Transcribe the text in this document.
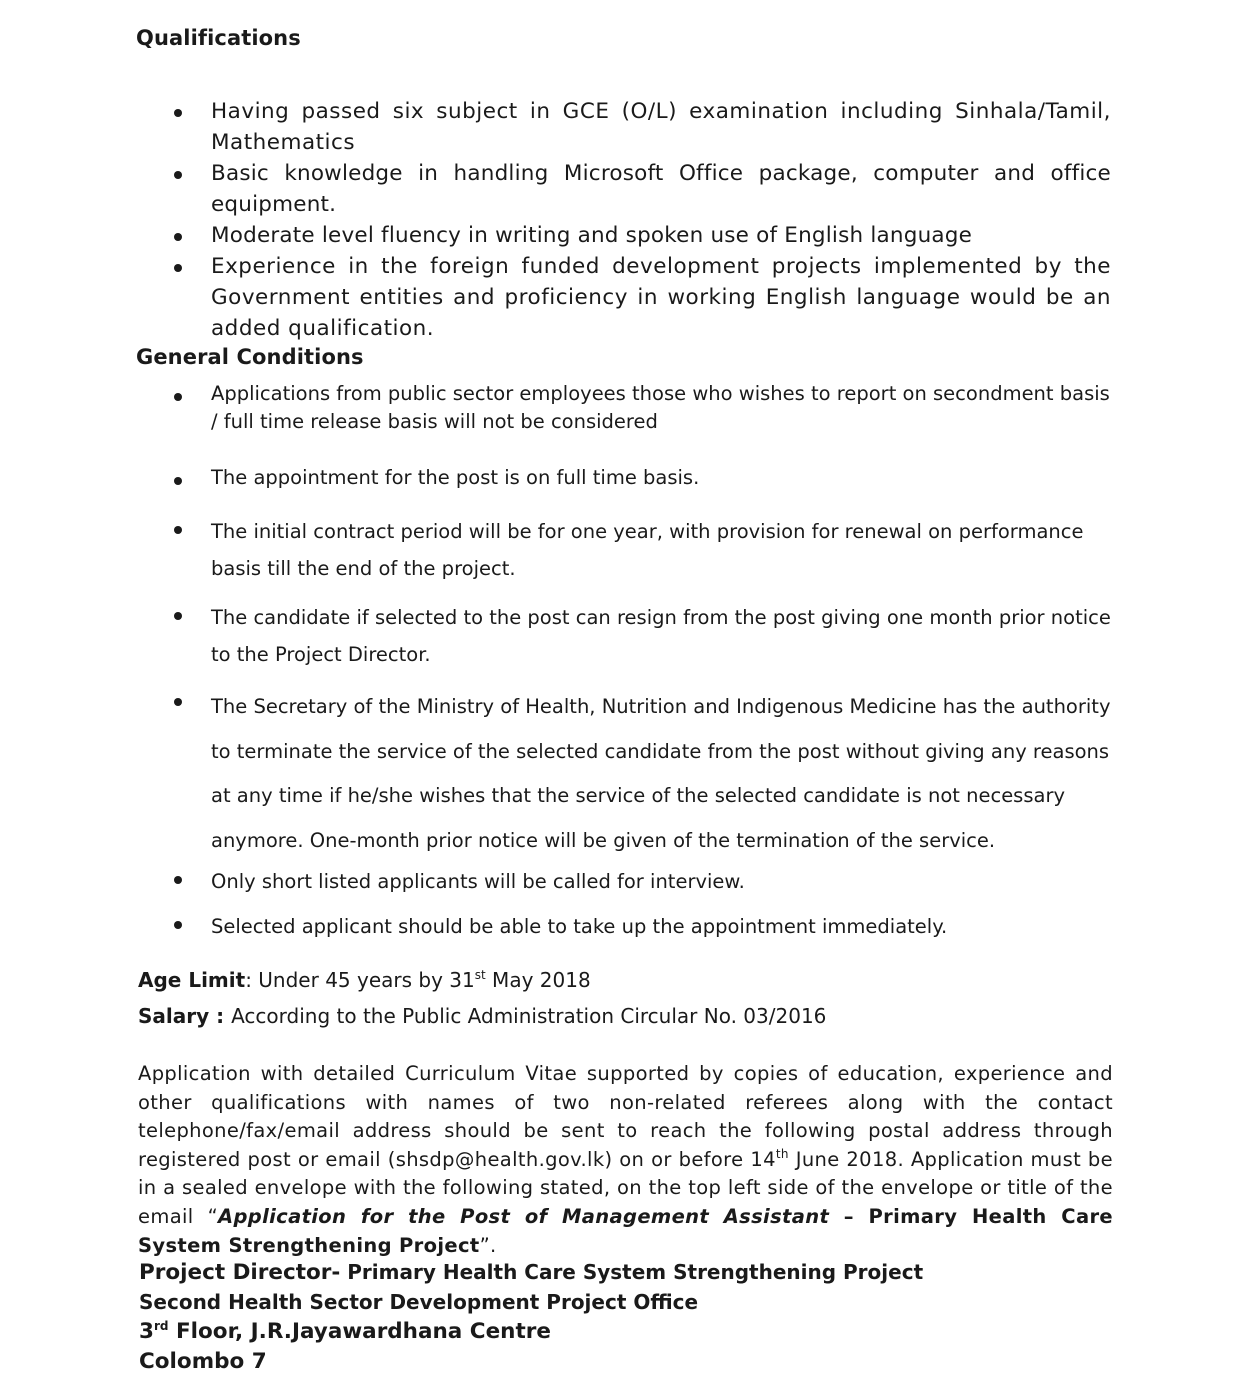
Qualifications
Having passed six subject in GCE (O/L) examination including Sinhala/Tamil, Mathematics
Basic knowledge in handling Microsoft Office package, computer and office equipment.
Moderate level fluency in writing and spoken use of English language
Experience in the foreign funded development projects implemented by the Government entities and proficiency in working English language would be an added qualification.
General Conditions
Applications from public sector employees those who wishes to report on secondment basis / full time release basis will not be considered
The appointment for the post is on full time basis.
The initial contract period will be for one year, with provision for renewal on performance basis till the end of the project.
The candidate if selected to the post can resign from the post giving one month prior notice to the Project Director.
The Secretary of the Ministry of Health, Nutrition and Indigenous Medicine has the authority to terminate the service of the selected candidate from the post without giving any reasons at any time if he/she wishes that the service of the selected candidate is not necessary anymore. One-month prior notice will be given of the termination of the service.
Only short listed applicants will be called for interview.
Selected applicant should be able to take up the appointment immediately.

Age Limit: Under 45 years by 31st May 2018

Salary : According to the Public Administration Circular No. 03/2016

Application with detailed Curriculum Vitae supported by copies of education, experience and other qualifications with names of two non-related referees along with the contact telephone/fax/email address should be sent to reach the following postal address through registered post or email (shsdp@health.gov.lk) on or before 14th June 2018. Application must be in a sealed envelope with the following stated, on the top left side of the envelope or title of the email “Application for the Post of Management Assistant – Primary Health Care System Strengthening Project”.

Project Director- Primary Health Care System Strengthening Project
Second Health Sector Development Project Office
3rd Floor, J.R.Jayawardhana Centre
Colombo 7
